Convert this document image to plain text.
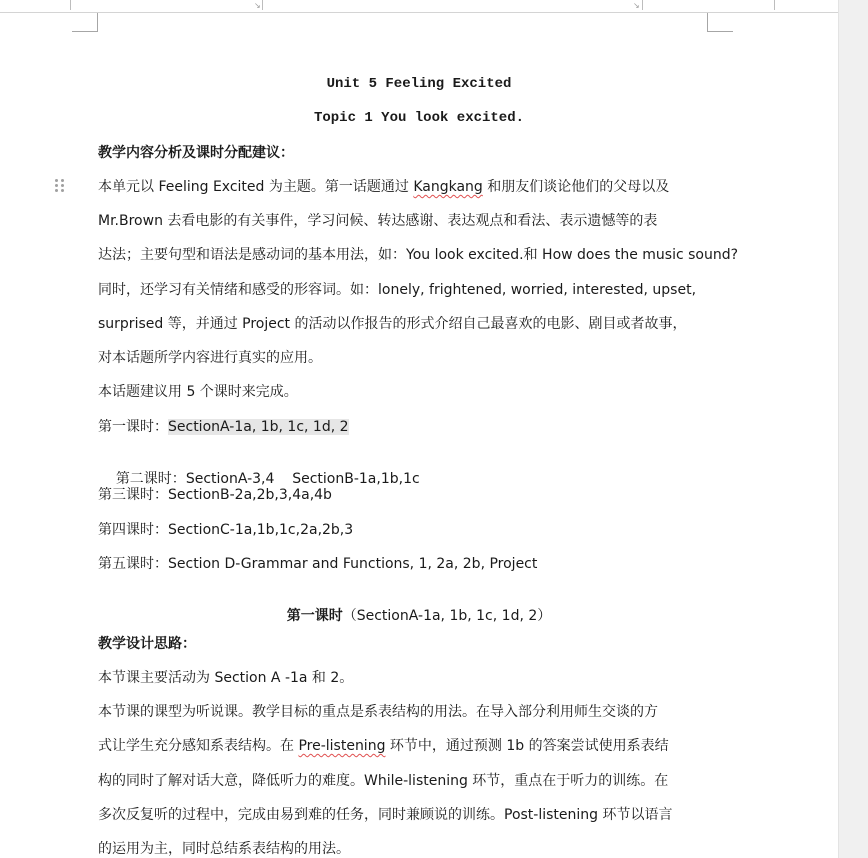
↘	↘
Unit 5 Feeling Excited
Topic 1 You look excited.
教学内容分析及课时分配建议：
本单元以 Feeling Excited 为主题。第一话题通过 Kangkang 和朋友们谈论他们的父母以及
Mr.Brown 去看电影的有关事件，学习问候、转达感谢、表达观点和看法、表示遗憾等的表
达法；主要句型和语法是感动词的基本用法，如：You look excited.和 How does the music sound?
同时，还学习有关情绪和感受的形容词。如：lonely, frightened, worried, interested, upset,
surprised 等，并通过 Project 的活动以作报告的形式介绍自己最喜欢的电影、剧目或者故事，
对本话题所学内容进行真实的应用。
本话题建议用 5 个课时来完成。
第一课时：SectionA-1a, 1b, 1c, 1d, 2

第二课时：SectionA-3,4    SectionB-1a,1b,1c

第三课时：SectionB-2a,2b,3,4a,4b
第四课时：SectionC-1a,1b,1c,2a,2b,3
第五课时：Section D-Grammar and Functions, 1, 2a, 2b, Project
第一课时（SectionA-1a, 1b, 1c, 1d, 2）
教学设计思路：
本节课主要活动为 Section A -1a 和 2。
本节课的课型为听说课。教学目标的重点是系表结构的用法。在导入部分利用师生交谈的方
式让学生充分感知系表结构。在 Pre-listening 环节中，通过预测 1b 的答案尝试使用系表结
构的同时了解对话大意，降低听力的难度。While-listening 环节，重点在于听力的训练。在
多次反复听的过程中，完成由易到难的任务，同时兼顾说的训练。Post-listening 环节以语言
的运用为主，同时总结系表结构的用法。
